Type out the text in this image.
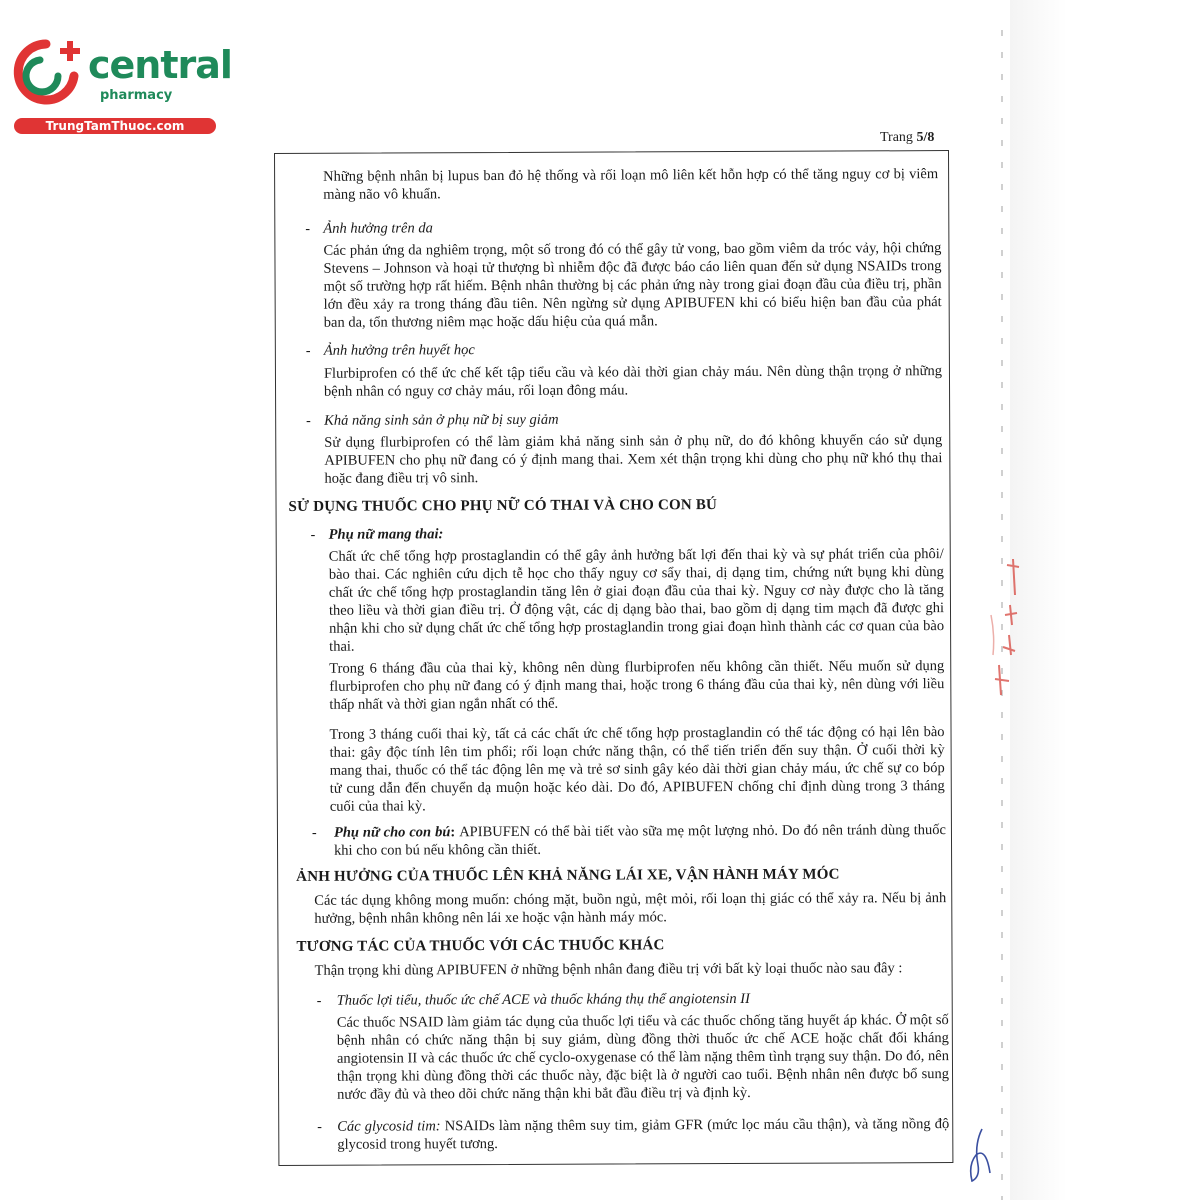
central
pharmacy
TrungTamThuoc.com
Trang 5/8
Những bệnh nhân bị lupus ban đỏ hệ thống và rối loạn mô liên kết hỗn hợp có thể tăng nguy cơ bị viêm màng não vô khuẩn.
- Ảnh hưởng trên da
Các phản ứng da nghiêm trọng, một số trong đó có thể gây tử vong, bao gồm viêm da tróc vảy, hội chứng Stevens – Johnson và hoại tử thượng bì nhiễm độc đã được báo cáo liên quan đến sử dụng NSAIDs trong một số trường hợp rất hiếm. Bệnh nhân thường bị các phản ứng này trong giai đoạn đầu của điều trị, phần lớn đều xảy ra trong tháng đầu tiên. Nên ngừng sử dụng APIBUFEN khi có biểu hiện ban đầu của phát ban da, tổn thương niêm mạc hoặc dấu hiệu của quá mẫn.
- Ảnh hưởng trên huyết học
Flurbiprofen có thể ức chế kết tập tiểu cầu và kéo dài thời gian chảy máu. Nên dùng thận trọng ở những bệnh nhân có nguy cơ chảy máu, rối loạn đông máu.
- Khả năng sinh sản ở phụ nữ bị suy giảm
Sử dụng flurbiprofen có thể làm giảm khả năng sinh sản ở phụ nữ, do đó không khuyến cáo sử dụng APIBUFEN cho phụ nữ đang có ý định mang thai. Xem xét thận trọng khi dùng cho phụ nữ khó thụ thai hoặc đang điều trị vô sinh.
SỬ DỤNG THUỐC CHO PHỤ NỮ CÓ THAI VÀ CHO CON BÚ
- Phụ nữ mang thai:
Chất ức chế tổng hợp prostaglandin có thể gây ảnh hưởng bất lợi đến thai kỳ và sự phát triển của phôi/ bào thai. Các nghiên cứu dịch tễ học cho thấy nguy cơ sẩy thai, dị dạng tim, chứng nứt bụng khi dùng chất ức chế tổng hợp prostaglandin tăng lên ở giai đoạn đầu của thai kỳ. Nguy cơ này được cho là tăng theo liều và thời gian điều trị. Ở động vật, các dị dạng bào thai, bao gồm dị dạng tim mạch đã được ghi nhận khi cho sử dụng chất ức chế tổng hợp prostaglandin trong giai đoạn hình thành các cơ quan của bào thai.
Trong 6 tháng đầu của thai kỳ, không nên dùng flurbiprofen nếu không cần thiết. Nếu muốn sử dụng flurbiprofen cho phụ nữ đang có ý định mang thai, hoặc trong 6 tháng đầu của thai kỳ, nên dùng với liều thấp nhất và thời gian ngắn nhất có thể.
Trong 3 tháng cuối thai kỳ, tất cả các chất ức chế tổng hợp prostaglandin có thể tác động có hại lên bào thai: gây độc tính lên tim phổi; rối loạn chức năng thận, có thể tiến triển đến suy thận. Ở cuối thời kỳ mang thai, thuốc có thể tác động lên mẹ và trẻ sơ sinh gây kéo dài thời gian chảy máu, ức chế sự co bóp tử cung dẫn đến chuyển dạ muộn hoặc kéo dài. Do đó, APIBUFEN chống chỉ định dùng trong 3 tháng cuối của thai kỳ.
- Phụ nữ cho con bú: APIBUFEN có thể bài tiết vào sữa mẹ một lượng nhỏ. Do đó nên tránh dùng thuốc khi cho con bú nếu không cần thiết.
ẢNH HƯỞNG CỦA THUỐC LÊN KHẢ NĂNG LÁI XE, VẬN HÀNH MÁY MÓC
Các tác dụng không mong muốn: chóng mặt, buồn ngủ, mệt mỏi, rối loạn thị giác có thể xảy ra. Nếu bị ảnh hưởng, bệnh nhân không nên lái xe hoặc vận hành máy móc.
TƯƠNG TÁC CỦA THUỐC VỚI CÁC THUỐC KHÁC
Thận trọng khi dùng APIBUFEN ở những bệnh nhân đang điều trị với bất kỳ loại thuốc nào sau đây :
- Thuốc lợi tiểu, thuốc ức chế ACE và thuốc kháng thụ thể angiotensin II
Các thuốc NSAID làm giảm tác dụng của thuốc lợi tiểu và các thuốc chống tăng huyết áp khác. Ở một số bệnh nhân có chức năng thận bị suy giảm, dùng đồng thời thuốc ức chế ACE hoặc chất đối kháng angiotensin II và các thuốc ức chế cyclo-oxygenase có thể làm nặng thêm tình trạng suy thận. Do đó, nên thận trọng khi dùng đồng thời các thuốc này, đặc biệt là ở người cao tuổi. Bệnh nhân nên được bổ sung nước đầy đủ và theo dõi chức năng thận khi bắt đầu điều trị và định kỳ.
- Các glycosid tim: NSAIDs làm nặng thêm suy tim, giảm GFR (mức lọc máu cầu thận), và tăng nồng độ glycosid trong huyết tương.
